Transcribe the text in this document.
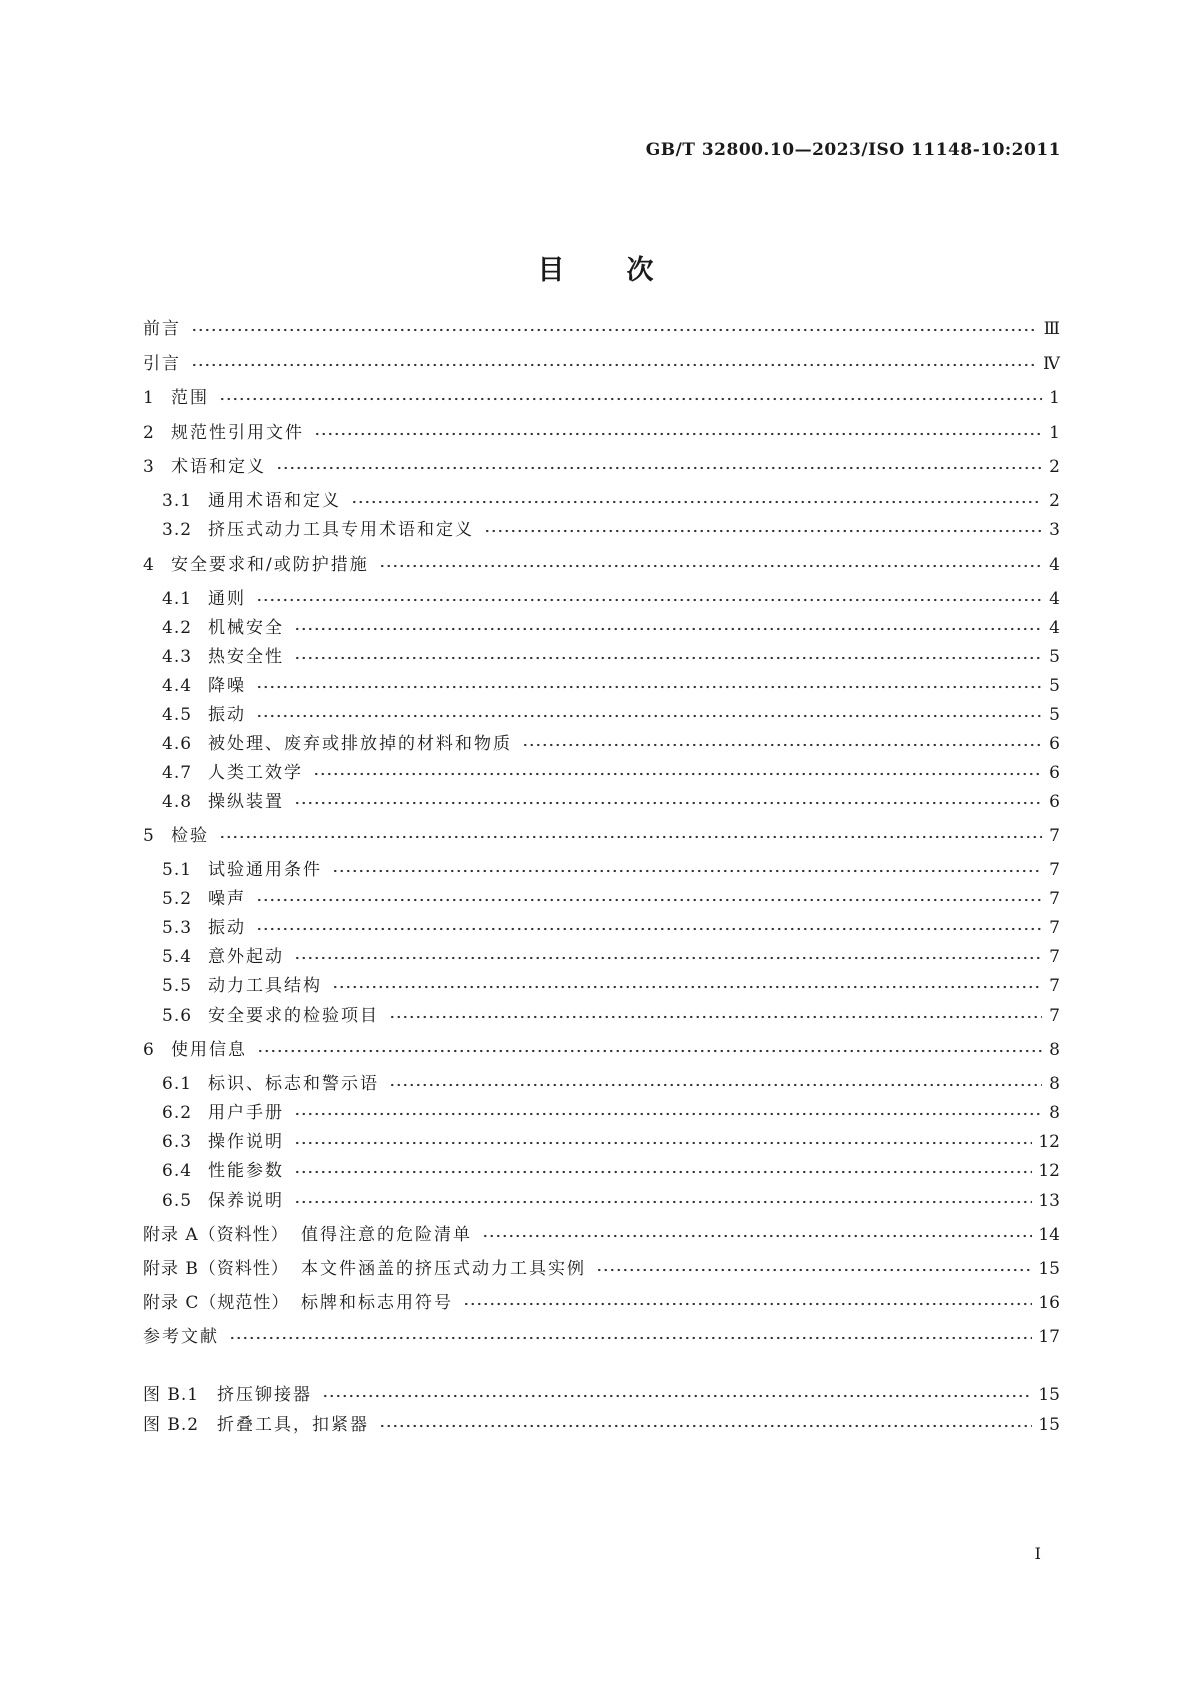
GB/T 32800.10—2023/ISO 11148-10:2011
目次
前言	Ⅲ
引言	Ⅳ
1	范围	1
2	规范性引用文件	1
3	术语和定义	2
3.1 通用术语和定义	2
3.2 挤压式动力工具专用术语和定义	3
4	安全要求和/或防护措施	4
4.1 通则	4
4.2 机械安全	4
4.3 热安全性	5
4.4 降噪	5
4.5 振动	5
4.6 被处理、废弃或排放掉的材料和物质	6
4.7 人类工效学	6
4.8 操纵装置	6
5	检验	7
5.1 试验通用条件	7
5.2 噪声	7
5.3 振动	7
5.4 意外起动	7
5.5 动力工具结构	7
5.6 安全要求的检验项目	7
6	使用信息	8
6.1 标识、标志和警示语	8
6.2 用户手册	8
6.3 操作说明	12
6.4 性能参数	12
6.5 保养说明	13
附录 A（资料性） 值得注意的危险清单	14
附录 B（资料性） 本文件涵盖的挤压式动力工具实例	15
附录 C（规范性） 标牌和标志用符号	16
参考文献	17
图 B.1	挤压铆接器	15
图 B.2	折叠工具，扣紧器	15
Ⅰ
